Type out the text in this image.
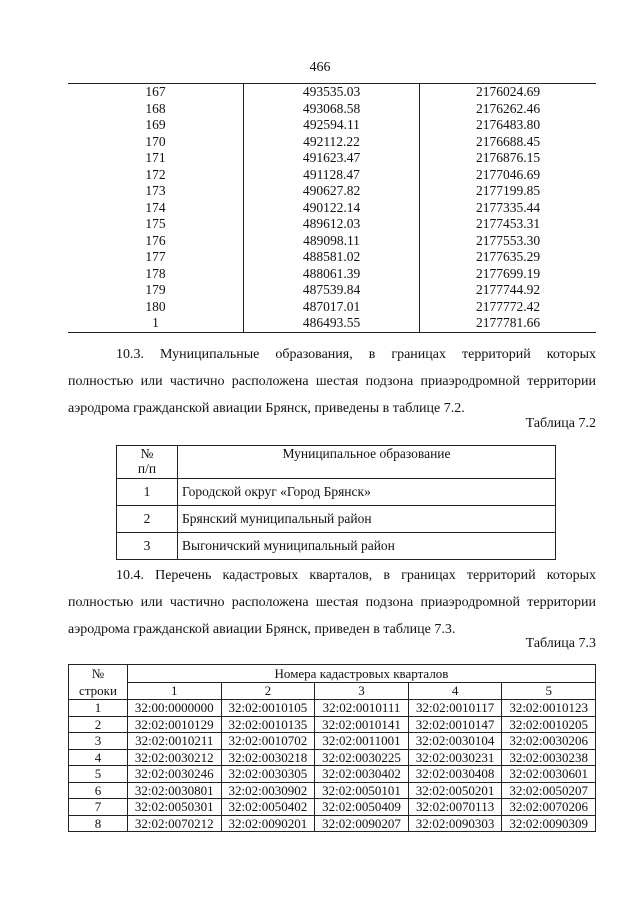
466
167	493535.03	2176024.69
168	493068.58	2176262.46
169	492594.11	2176483.80
170	492112.22	2176688.45
171	491623.47	2176876.15
172	491128.47	2177046.69
173	490627.82	2177199.85
174	490122.14	2177335.44
175	489612.03	2177453.31
176	489098.11	2177553.30
177	488581.02	2177635.29
178	488061.39	2177699.19
179	487539.84	2177744.92
180	487017.01	2177772.42
1	486493.55	2177781.66

10.3. Муниципальные образования, в границах территорий которых
полностью или частично расположена шестая подзона приаэродромной территории
аэродрома гражданской авиации Брянск, приведены в таблице 7.2.

Таблица 7.2
№
п/п	Муниципальное образование
1	Городской округ «Город Брянск»
2	Брянский муниципальный район
3	Выгоничский муниципальный район

10.4. Перечень кадастровых кварталов, в границах территорий которых
полностью или частично расположена шестая подзона приаэродромной территории
аэродрома гражданской авиации Брянск, приведен в таблице 7.3.

Таблица 7.3
№
строки	Номера кадастровых кварталов				
	1	2	3	4	5
1	32:00:0000000	32:02:0010105	32:02:0010111	32:02:0010117	32:02:0010123
2	32:02:0010129	32:02:0010135	32:02:0010141	32:02:0010147	32:02:0010205
3	32:02:0010211	32:02:0010702	32:02:0011001	32:02:0030104	32:02:0030206
4	32:02:0030212	32:02:0030218	32:02:0030225	32:02:0030231	32:02:0030238
5	32:02:0030246	32:02:0030305	32:02:0030402	32:02:0030408	32:02:0030601
6	32:02:0030801	32:02:0030902	32:02:0050101	32:02:0050201	32:02:0050207
7	32:02:0050301	32:02:0050402	32:02:0050409	32:02:0070113	32:02:0070206
8	32:02:0070212	32:02:0090201	32:02:0090207	32:02:0090303	32:02:0090309
